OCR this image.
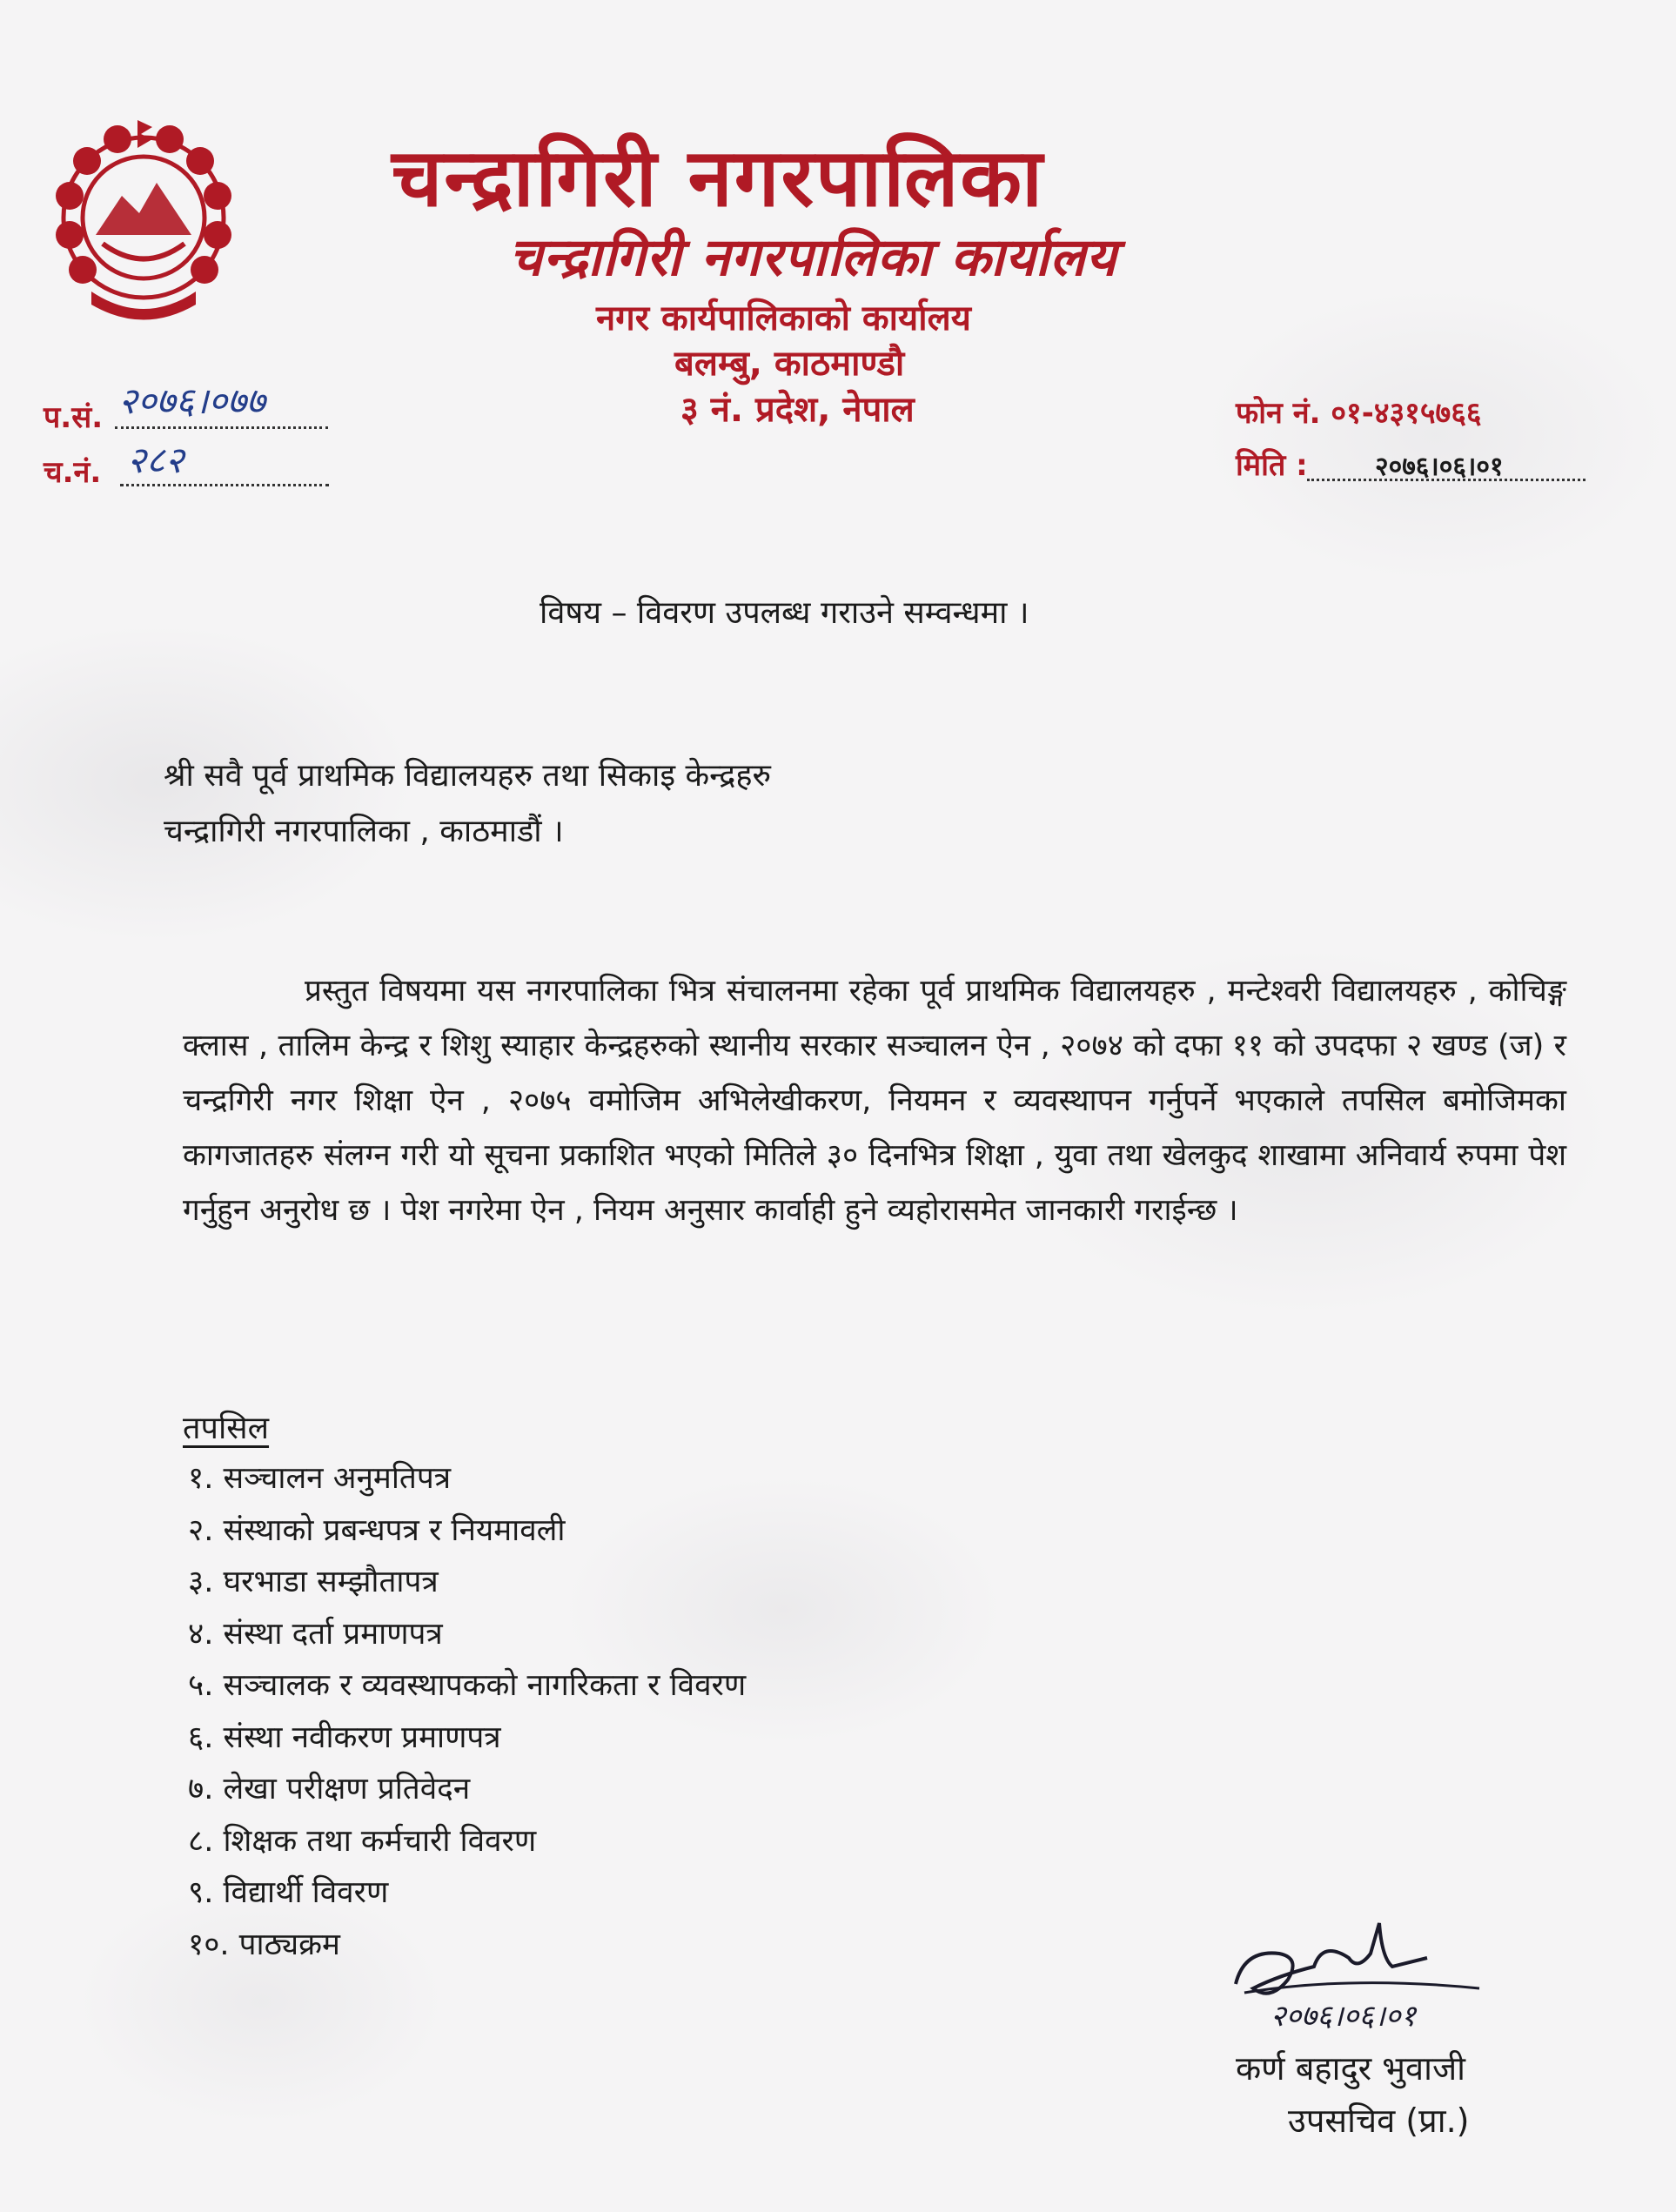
चन्द्रागिरी नगरपालिका
चन्द्रागिरी नगरपालिका कार्यालय
नगर कार्यपालिकाको कार्यालय
बलम्बु, काठमाण्डौ
३ नं. प्रदेश, नेपाल
प.सं. २०७६।०७७
च.नं. २८२
फोन नं. ०१-४३१५७६६
मिति :	२०७६।०६।०१
विषय – विवरण उपलब्ध गराउने सम्वन्धमा ।
श्री सवै पूर्व प्राथमिक विद्यालयहरु तथा सिकाइ केन्द्रहरु
चन्द्रागिरी नगरपालिका , काठमाडौं ।
प्रस्तुत विषयमा यस नगरपालिका भित्र संचालनमा रहेका पूर्व प्राथमिक विद्यालयहरु , मन्टेश्वरी विद्यालयहरु , कोचिङ्ग क्लास , तालिम केन्द्र र शिशु स्याहार केन्द्रहरुको स्थानीय सरकार सञ्चालन ऐन , २०७४ को दफा ११ को उपदफा २ खण्ड (ज) र चन्द्रगिरी नगर शिक्षा ऐन , २०७५ वमोजिम अभिलेखीकरण, नियमन र व्यवस्थापन गर्नुपर्ने भएकाले तपसिल बमोजिमका कागजातहरु संलग्न गरी यो सूचना प्रकाशित भएको मितिले ३० दिनभित्र शिक्षा , युवा तथा खेलकुद शाखामा अनिवार्य रुपमा पेश गर्नुहुन अनुरोध छ । पेश नगरेमा ऐन , नियम अनुसार कार्वाही हुने व्यहोरासमेत जानकारी गराईन्छ ।
तपसिल
१. सञ्चालन अनुमतिपत्र
२. संस्थाको प्रबन्धपत्र र नियमावली
३. घरभाडा सम्झौतापत्र
४. संस्था दर्ता प्रमाणपत्र
५. सञ्चालक र व्यवस्थापकको नागरिकता र विवरण
६. संस्था नवीकरण प्रमाणपत्र
७. लेखा परीक्षण प्रतिवेदन
८. शिक्षक तथा कर्मचारी विवरण
९. विद्यार्थी विवरण
१०. पाठ्यक्रम
२०७६।०६।०१
कर्ण बहादुर भुवाजी
उपसचिव (प्रा.)
